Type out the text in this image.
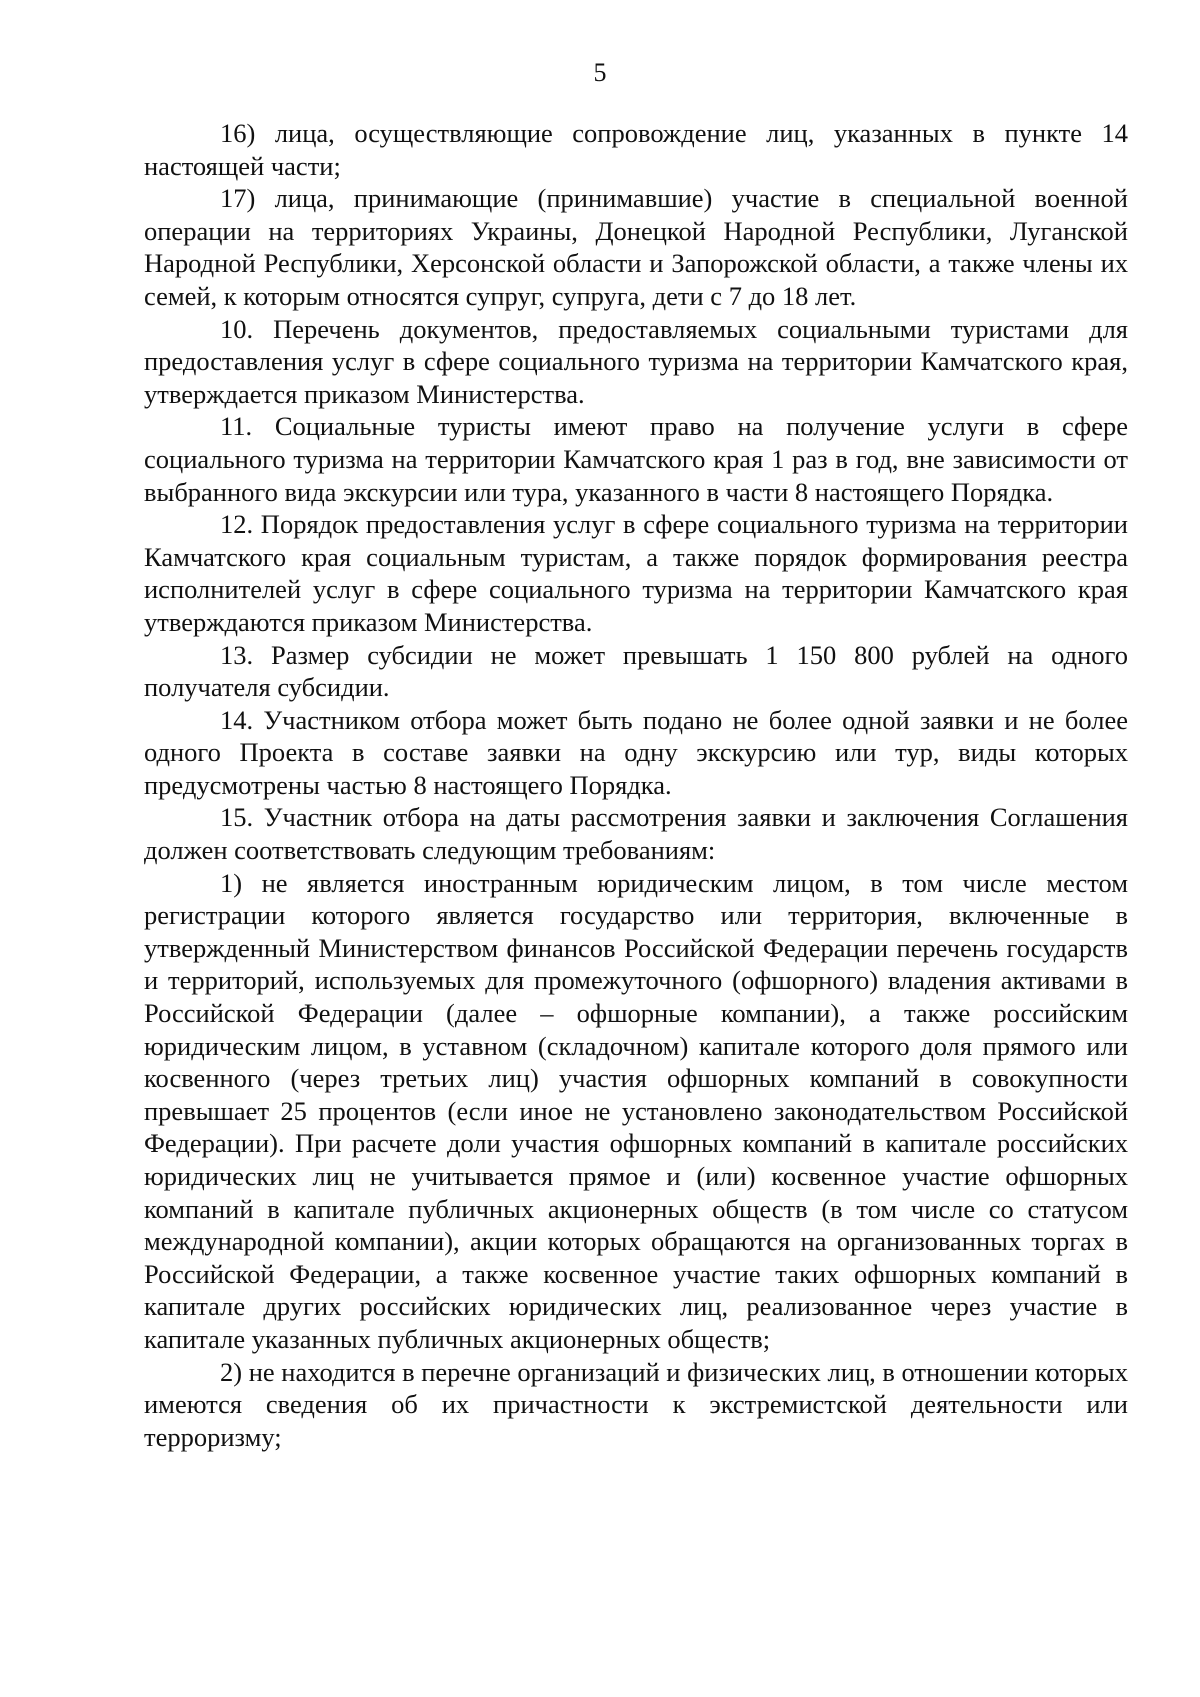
5

16) лица, осуществляющие сопровождение лиц, указанных в пункте 14 настоящей части;

17) лица, принимающие (принимавшие) участие в специальной военной операции на территориях Украины, Донецкой Народной Республики, Луганской Народной Республики, Херсонской области и Запорожской области, а также члены их семей, к которым относятся супруг, супруга, дети с 7 до 18 лет.

10. Перечень документов, предоставляемых социальными туристами для предоставления услуг в сфере социального туризма на территории Камчатского края, утверждается приказом Министерства.

11. Социальные туристы имеют право на получение услуги в сфере социального туризма на территории Камчатского края 1 раз в год, вне зависимости от выбранного вида экскурсии или тура, указанного в части 8 настоящего Порядка.

12. Порядок предоставления услуг в сфере социального туризма на территории Камчатского края социальным туристам, а также порядок формирования реестра исполнителей услуг в сфере социального туризма на территории Камчатского края утверждаются приказом Министерства.

13. Размер субсидии не может превышать 1 150 800 рублей на одного получателя субсидии.

14. Участником отбора может быть подано не более одной заявки и не более одного Проекта в составе заявки на одну экскурсию или тур, виды которых предусмотрены частью 8 настоящего Порядка.

15. Участник отбора на даты рассмотрения заявки и заключения Соглашения должен соответствовать следующим требованиям:

1) не является иностранным юридическим лицом, в том числе местом регистрации которого является государство или территория, включенные в утвержденный Министерством финансов Российской Федерации перечень государств и территорий, используемых для промежуточного (офшорного) владения активами в Российской Федерации (далее – офшорные компании), а также российским юридическим лицом, в уставном (складочном) капитале которого доля прямого или косвенного (через третьих лиц) участия офшорных компаний в совокупности превышает 25 процентов (если иное не установлено законодательством Российской Федерации). При расчете доли участия офшорных компаний в капитале российских юридических лиц не учитывается прямое и (или) косвенное участие офшорных компаний в капитале публичных акционерных обществ (в том числе со статусом международной компании), акции которых обращаются на организованных торгах в Российской Федерации, а также косвенное участие таких офшорных компаний в капитале других российских юридических лиц, реализованное через участие в капитале указанных публичных акционерных обществ;

2) не находится в перечне организаций и физических лиц, в отношении которых имеются сведения об их причастности к экстремистской деятельности или терроризму;
